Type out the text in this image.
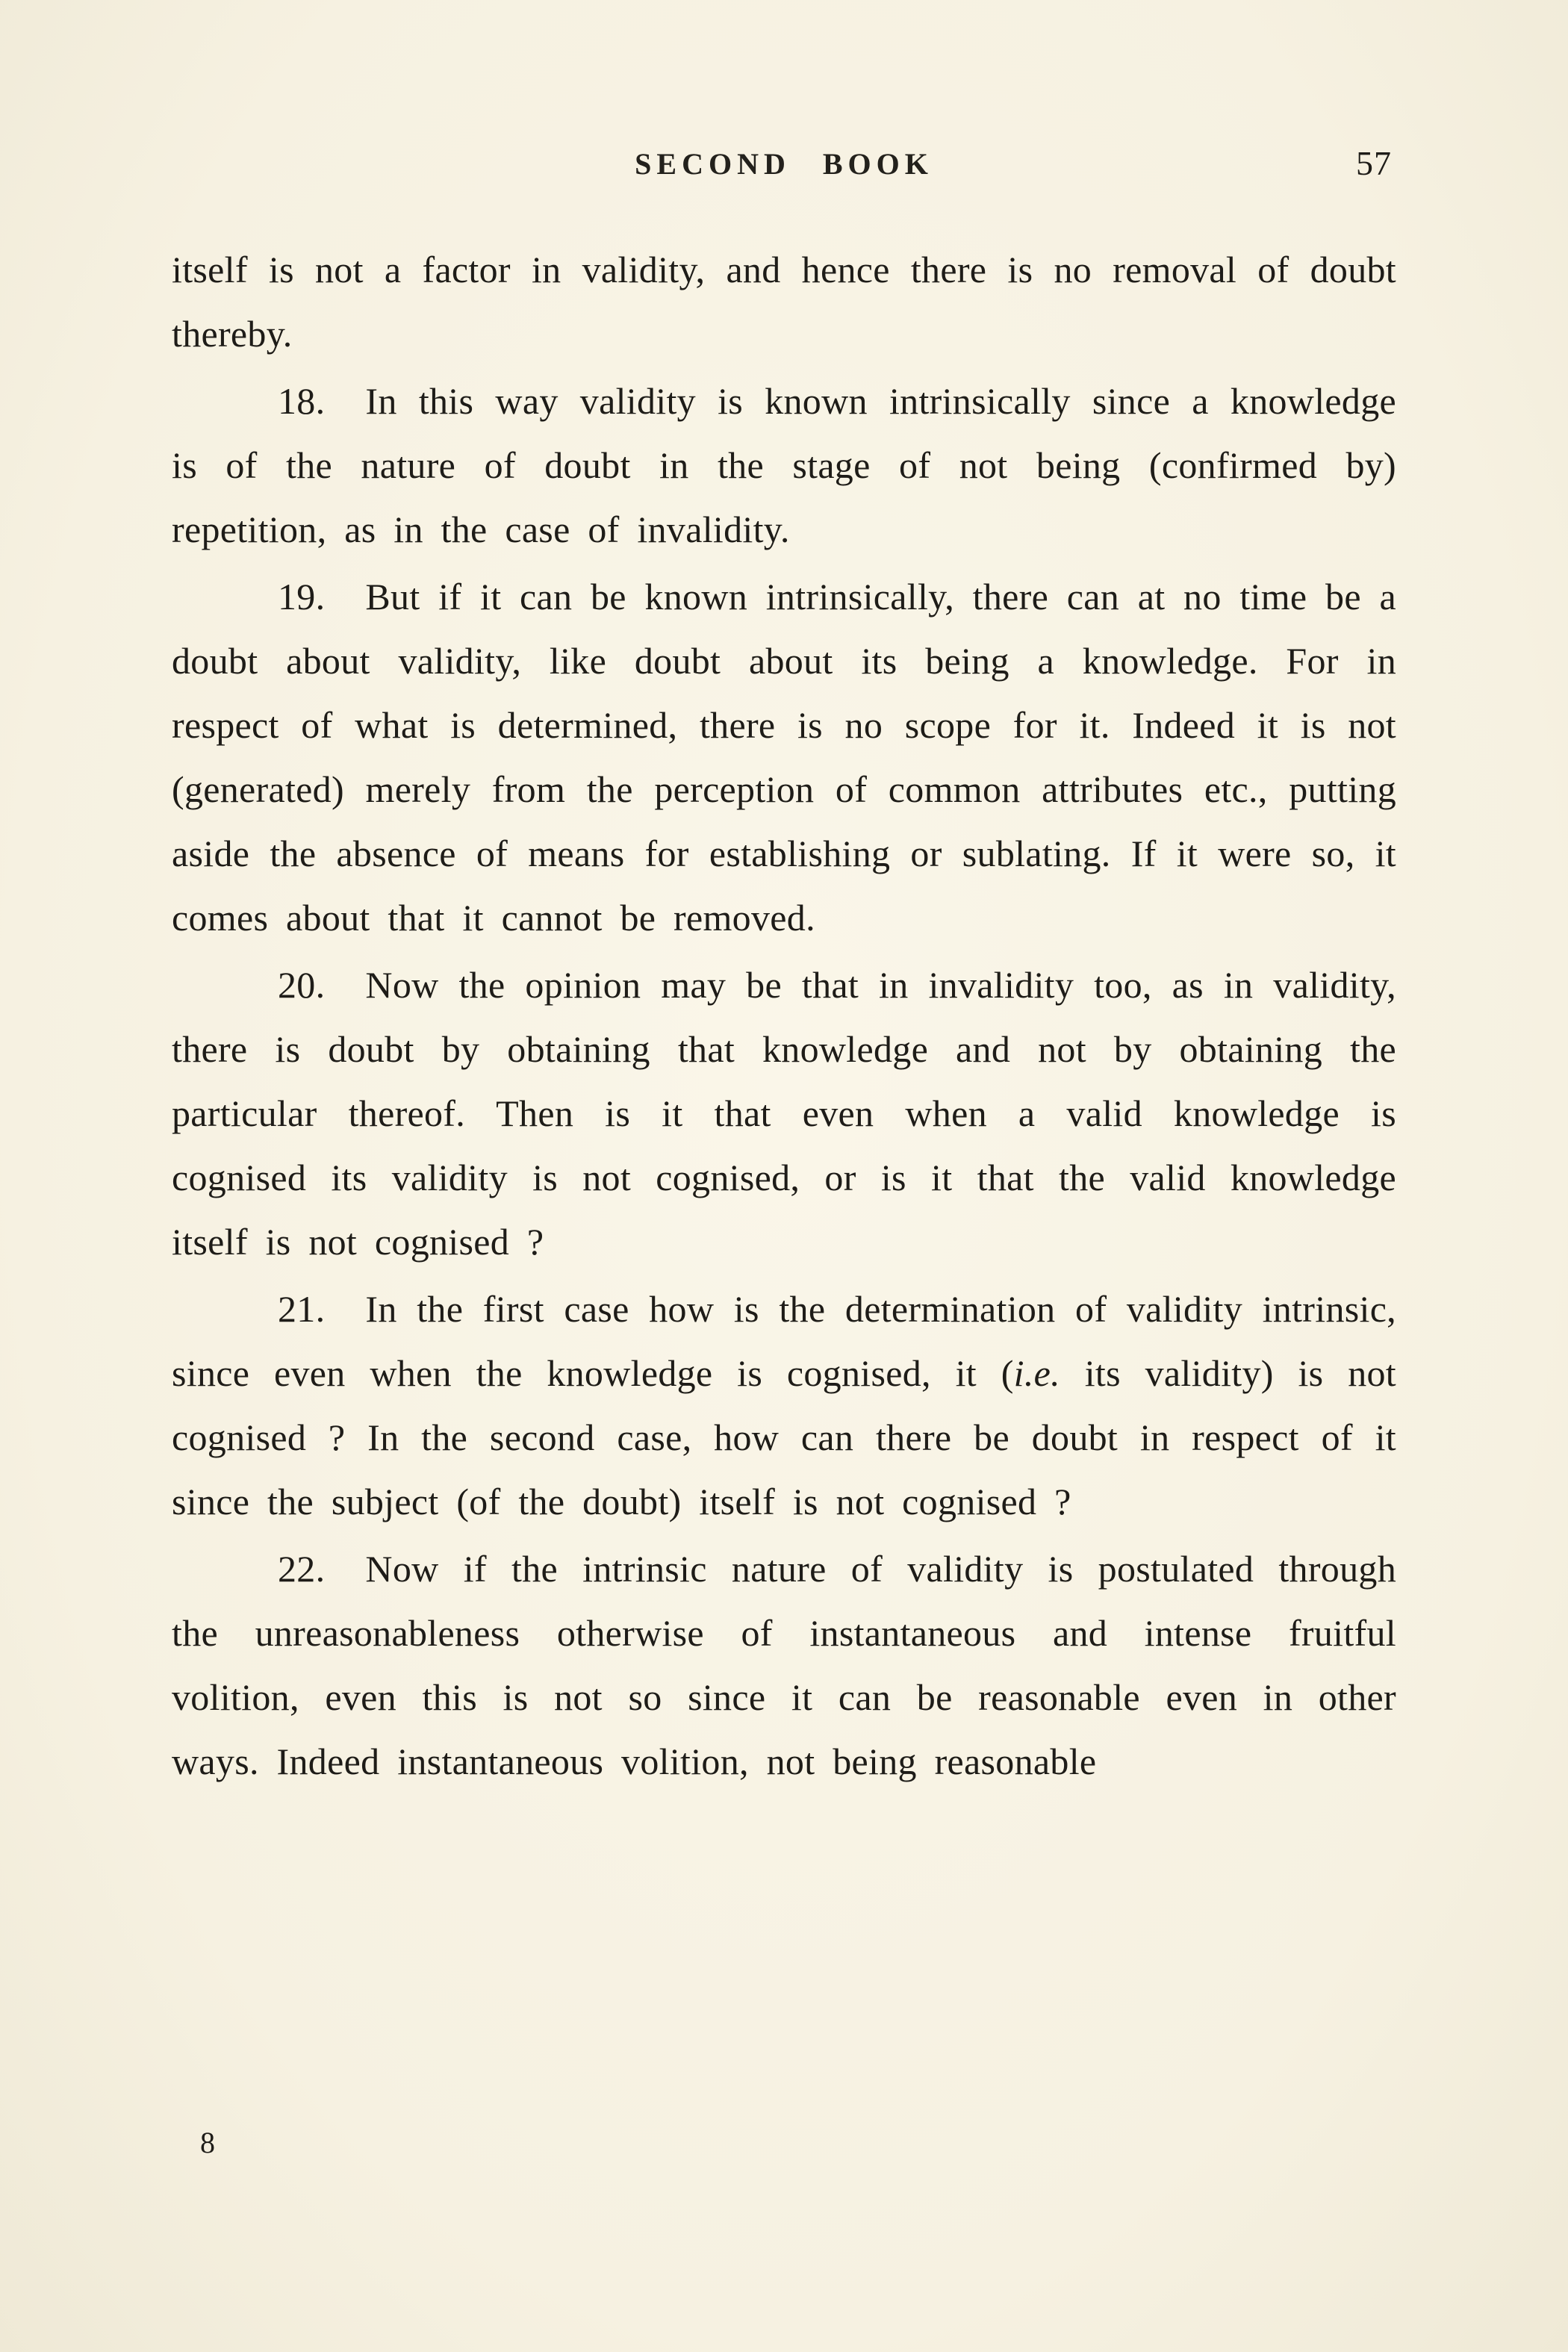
SECOND BOOK	57

itself is not a factor in validity, and hence there is no removal of doubt thereby.

18. In this way validity is known intrinsically since a knowledge is of the nature of doubt in the stage of not being (confirmed by) repetition, as in the case of invalidity.

19. But if it can be known intrinsically, there can at no time be a doubt about validity, like doubt about its being a knowledge. For in respect of what is determined, there is no scope for it. Indeed it is not (generated) merely from the perception of common attributes etc., putting aside the absence of means for establishing or sublating. If it were so, it comes about that it cannot be removed.

20. Now the opinion may be that in invalidity too, as in validity, there is doubt by obtaining that knowledge and not by obtaining the particular thereof. Then is it that even when a valid knowledge is cognised its validity is not cognised, or is it that the valid knowledge itself is not cognised ?

21. In the first case how is the determination of validity intrinsic, since even when the knowledge is cognised, it (i.e. its validity) is not cognised ? In the second case, how can there be doubt in respect of it since the subject (of the doubt) itself is not cognised ?

22. Now if the intrinsic nature of validity is postulated through the unreasonableness otherwise of instantaneous and intense fruitful volition, even this is not so since it can be reasonable even in other ways. Indeed instantaneous volition, not being reasonable

8
